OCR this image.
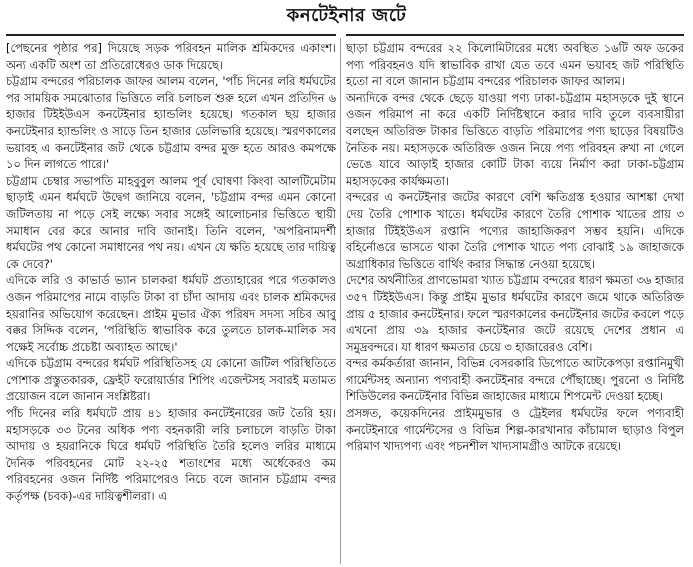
কনটেইনার জটে

[পেছনের পৃষ্ঠার পর] দিয়েছে সড়ক পরিবহন মালিক শ্রমিকদের একাংশ। অন্য একটি অংশ তা প্রতিরোধেরও ডাক দিয়েছে।

চট্টগ্রাম বন্দরের পরিচালক জাফর আলম বলেন, 'পাঁচ দিনের লরি ধর্মঘটের পর সাময়িক সমঝোতার ভিত্তিতে লরি চলাচল শুরু হলে এখন প্রতিদিন ৬ হাজার টিইইউএস কনটেইনার হ্যান্ডলিং হয়েছে। গতকাল ছয় হাজার কনটেইনার হ্যান্ডলিং ও সাড়ে তিন হাজার ডেলিভারি হয়েছে। স্মরণকালের ভয়াবহ এ কনটেইনার জট থেকে চট্টগ্রাম বন্দর মুক্ত হতে আরও কমপক্ষে ১০ দিন লাগতে পারে।'

চট্টগ্রাম চেম্বার সভাপতি মাহবুবুল আলম পূর্ব ঘোষণা কিংবা আলটিমেটাম ছাড়াই এমন ধর্মঘটে উদ্বেগ জানিয়ে বলেন, 'চট্টগ্রাম বন্দর এমন কোনো জটিলতায় না পড়ে সেই লক্ষ্যে সবার সঙ্গেই আলোচনার ভিত্তিতে স্থায়ী সমাধান বের করে আনার দাবি জানাই। তিনি বলেন, 'অপরিনামদর্শী ধর্মঘটের পথ কোনো সমাধানের পথ নয়। এখন যে ক্ষতি হয়েছে তার দায়িত্ব কে দেবে?'

এদিকে লরি ও কাভার্ড ভ্যান চালকরা ধর্মঘট প্রত্যাহারের পরে গতকালও ওজন পরিমাপের নামে বাড়তি টাকা বা চাঁদা আদায় এবং চালক শ্রমিকদের হয়রানির অভিযোগ করেছেন। প্রাইম মুভার ঐক্য পরিষদ সদস্য সচিব আবু বক্কর সিদ্দিক বলেন, 'পরিস্থিতি স্বাভাবিক করে তুলতে চালক-মালিক সব পক্ষেই সর্বোচ্চ প্রচেষ্টা অব্যাহত আছে।'

এদিকে চট্টগ্রাম বন্দরের ধর্মঘট পরিস্থিতিসহ যে কোনো জটিল পরিস্থিতিতে পোশাক প্রস্তুতকারক, ফ্রেইট ফরোয়ার্ডার শিপিং এজেন্টসহ সবারই মতামত প্রয়োজন বলে জানান সংশ্লিষ্টরা।

পাঁচ দিনের লরি ধর্মঘটে প্রায় ৪১ হাজার কনটেইনারের জট তৈরি হয়। মহাসড়কে ৩৩ টনের অধিক পণ্য বহনকারী লরি চলাচলে বাড়তি টাকা আদায় ও হয়রানিকে ঘিরে ধর্মঘট পরিস্থিতি তৈরি হলেও লরির মাধ্যমে দৈনিক পরিবহনের মোট ২২-২৫ শতাংশের মধ্যে অর্ধেকেরও কম পরিবহনের ওজন নির্দিষ্ট পরিমাপেরও নিচে বলে জানান চট্টগ্রাম বন্দর কর্তৃপক্ষ (চবক)-এর দায়িত্বশীলরা। এ

ছাড়া চট্টগ্রাম বন্দরের ২২ কিলোমিটারের মধ্যে অবস্থিত ১৬টি অফ ডকের পণ্য পরিবহনও যদি স্বাভাবিক রাখা যেত তবে এমন ভয়াবহ জট পরিস্থিতি হতো না বলে জানান চট্টগ্রাম বন্দরের পরিচালক জাফর আলম।

অন্যদিকে বন্দর থেকে ছেড়ে যাওয়া পণ্য ঢাকা-চট্টগ্রাম মহাসড়কে দুই স্থানে ওজন পরিমাপ না করে একটি নির্দিষ্টস্থানে করার দাবি তুলে ব্যবসায়ীরা বলছেন অতিরিক্ত টাকার ভিত্তিতে বাড়তি পরিমাপের পণ্য ছাড়ের বিষয়টিও নৈতিক নয়। মহাসড়কে অতিরিক্ত ওজন নিয়ে পণ্য পরিবহন রুখা না গেলে ভেঙে যাবে আড়াই হাজার কোটি টাকা ব্যয়ে নির্মাণ করা ঢাকা-চট্টগ্রাম মহাসড়কের কার্যক্ষমতা।

বন্দরের এ কনটেইনার জটের কারণে বেশি ক্ষতিগ্রস্ত হওয়ার আশঙ্কা দেখা দেয় তৈরি পোশাক খাতে। ধর্মঘটের কারণে তৈরি পোশাক খাতের প্রায় ৩ হাজার টিইইউএস রপ্তানি পণ্যের জাহাজিকরণ সম্ভব হয়নি। এদিকে বহির্নোঙরে ভাসতে থাকা তৈরি পোশাক খাতে পণ্য বোঝাই ১৯ জাহাজকে অগ্রাধিকার ভিত্তিতে বার্থিং করার সিদ্ধান্ত নেওয়া হয়েছে।

দেশের অর্থনীতির প্রাণভোমরা খ্যাত চট্টগ্রাম বন্দরের ধারণ ক্ষমতা ৩৬ হাজার ৩৫৭ টিইইউএস। কিন্তু প্রাইম মুভার ধর্মঘটের কারণে জমে থাকে অতিরিক্ত প্রায় ৫ হাজার কনটেইনার। ফলে স্মরণকালের কনটেইনার জটের কবলে পড়ে এখনো প্রায় ৩৯ হাজার কনটেইনার জটে রয়েছে দেশের প্রধান এ সমুদ্রবন্দরে। যা ধারণ ক্ষমতার চেয়ে ৩ হাজারেরও বেশি।

বন্দর কর্মকর্তারা জানান, বিভিন্ন বেসরকারি ডিপোতে আটকেপড়া রপ্তানিমুখী গার্মেন্টসহ অন্যান্য পণ্যবাহী কনটেইনার বন্দরে পৌঁছাচ্ছে। পুরনো ও নির্দিষ্ট শিডিউলের কনটেইনার বিভিন্ন জাহাজের মাধ্যমে শিপমেন্ট দেওয়া হচ্ছে।

প্রসঙ্গত, কয়েকদিনের প্রাইমমুভার ও ট্রেইলর ধর্মঘটের ফলে পণ্যবাহী কনটেইনারে গার্মেন্টসের ও বিভিন্ন শিল্প-কারখানার কাঁচামাল ছাড়াও বিপুল পরিমাণ খাদ্যপণ্য এবং পচনশীল খাদ্যসামগ্রীও আটকে রয়েছে।
